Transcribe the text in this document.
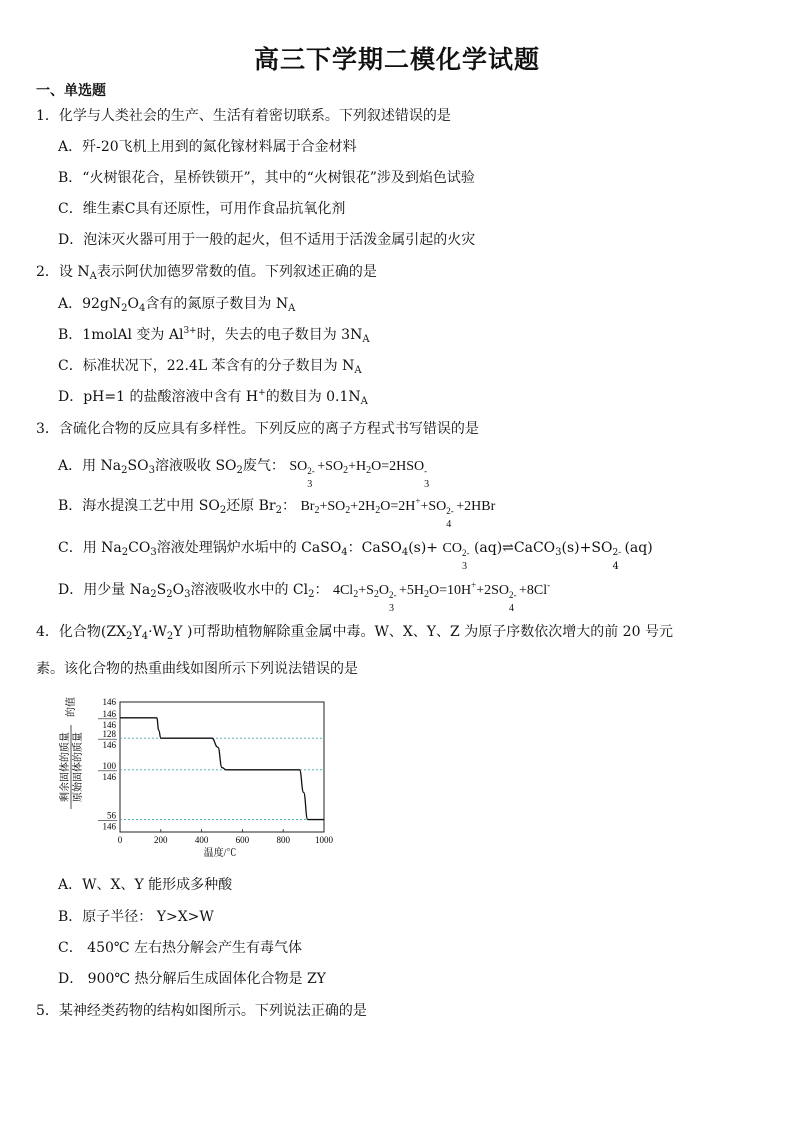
高三下学期二模化学试题
一、单选题
1．化学与人类社会的生产、生活有着密切联系。下列叙述错误的是
A．歼-20飞机上用到的氮化镓材料属于合金材料
B．“火树银花合，星桥铁锁开”，其中的“火树银花”涉及到焰色试验
C．维生素C具有还原性，可用作食品抗氧化剂
D．泡沫灭火器可用于一般的起火，但不适用于活泼金属引起的火灾
2．设 $N_A$表示阿伏加德罗常数的值。下列叙述正确的是
A．$92gN_2O_4$含有的氮原子数目为 $N_A$
B．1molAl 变为 $Al^{3+}$时，失去的电子数目为 $3N_A$
C．标准状况下，22.4L 苯含有的分子数目为 $N_A$
D．pH=1 的盐酸溶液中含有 H+的数目为 $0.1N_A$
3．含硫化合物的反应具有多样性。下列反应的离子方程式书写错误的是
A．用 $Na_2SO_3$溶液吸收 $SO_2$废气： SO 2-
3
$+SO_2+H_2O=2HSO$ -
3
B．海水提溴工艺中用 $SO_2$还原 $Br_2$： $Br_2+SO_2+2H_2O=2H^++SO$ 2-
4
+2HBr
C．用 $Na_2CO_3$溶液处理锅炉水垢中的 CaSO$_4$：CaSO$_4$(s)+ CO 2-
3
(aq)⇌CaCO$_3$(s)+SO 2-
4
(aq)
D．用少量 $Na_2S_2O_3$溶液吸收水中的 $Cl_2$： $4Cl_2+S_2O$ 2-
3
$+5H_2O=10H^++2SO$ 2-
4
+8Cl-
4．化合物($ZX_2Y_4\cdot W_2Y$ )可帮助植物解除重金属中毒。W、X、Y、Z 为原子序数依次增大的前 20 号元
素。该化合物的热重曲线如图所示下列说法错误的是
温度/℃
剩余固体的质量 原始固体的质量
的值
0	200	400	600	800	1000
146
146
146
128
146
100
146
56
146
A．W、X、Y 能形成多种酸
B．原子半径： Y>X>W
C． 450℃ 左右热分解会产生有毒气体
D． 900℃ 热分解后生成固体化合物是 ZY
5．某神经类药物的结构如图所示。下列说法正确的是
